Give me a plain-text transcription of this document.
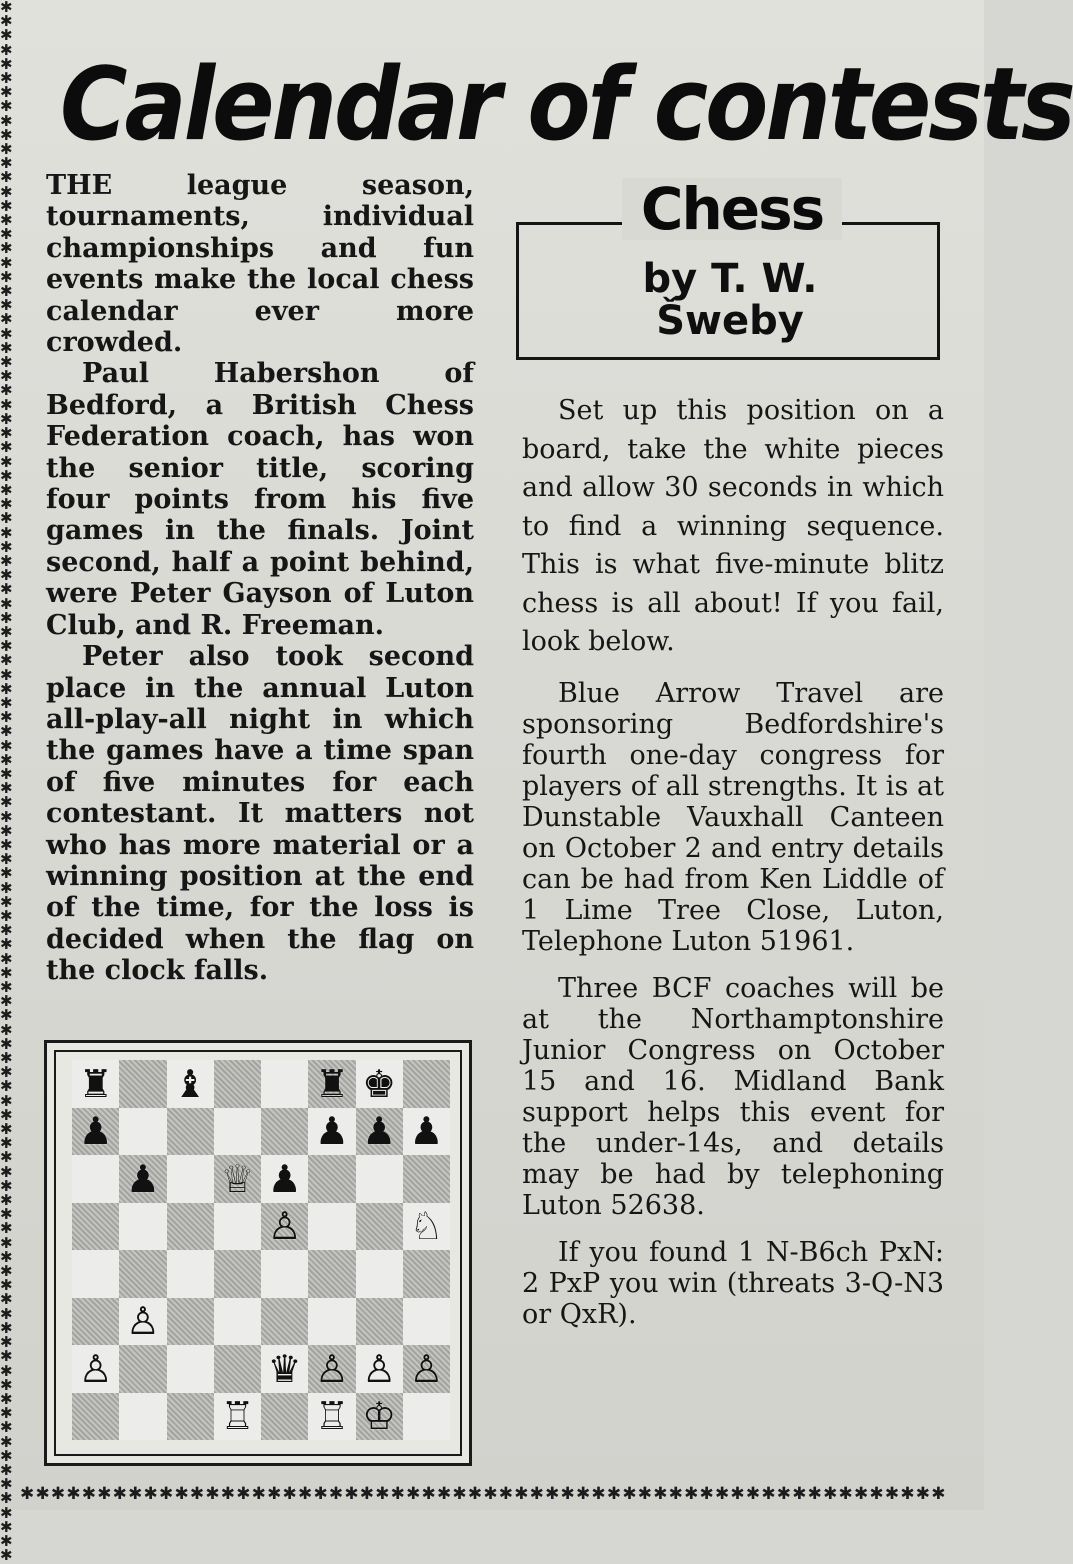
✱
✱
✱
✱
✱
✱
✱
✱
✱
✱
✱
✱
✱
✱
✱
✱
✱
✱
✱
✱
✱
✱
✱
✱
✱
✱
✱
✱
✱
✱
✱
✱
✱
✱
✱
✱
✱
✱
✱
✱
✱
✱
✱
✱
✱
✱
✱
✱
✱
✱
✱
✱
✱
✱
✱
✱
✱
✱
✱
✱
✱
✱
✱
✱
✱
✱
✱
✱
✱
✱
✱
✱
✱
✱
✱
✱
✱
✱
✱
✱
✱
✱
✱
✱
✱
✱
✱
✱
✱
✱
✱
✱
✱
✱
✱
✱
✱
✱
✱
✱
✱
✱
✱
✱
✱
✱
✱
✱
✱
✱
✱✱✱✱✱✱✱✱✱✱✱✱✱✱✱✱✱✱✱✱✱✱✱✱✱✱✱✱✱✱✱✱✱✱✱✱✱✱✱✱✱✱✱✱✱✱✱✱✱✱✱✱✱✱✱✱✱✱✱✱
Calendar of contests

THE league season, tournaments, individual championships and fun events make the local chess calendar ever more crowded.

Paul Habershon of Bedford, a British Chess Federation coach, has won the senior title, scoring four points from his five games in the finals. Joint second, half a point behind, were Peter Gayson of Luton Club, and R. Freeman.

Peter also took second place in the annual Luton all-play-all night in which the games have a time span of five minutes for each contestant. It matters not who has more material or a winning position at the end of the time, for the loss is decided when the flag on the clock falls.

Chess
by T. W.
Šweby

Set up this position on a board, take the white pieces and allow 30 seconds in which to find a winning sequence. This is what five-minute blitz chess is all about! If you fail, look below.

Blue Arrow Travel are sponsoring Bedfordshire's fourth one-day congress for players of all strengths. It is at Dunstable Vauxhall Canteen on October 2 and entry details can be had from Ken Liddle of 1 Lime Tree Close, Luton, Telephone Luton 51961.

Three BCF coaches will be at the Northamptonshire Junior Congress on October 15 and 16. Midland Bank support helps this event for the under-14s, and details may be had by telephoning Luton 52638.

If you found 1 N-B6ch PxN: 2 PxP you win (threats 3-Q-N3 or QxR).

♜ ♝	♜ ♚
♟	♟ ♟ ♟
♟ ♕ ♟
♙	♘
♙
♙	♛ ♙ ♙ ♙
♖ ♖ ♔
